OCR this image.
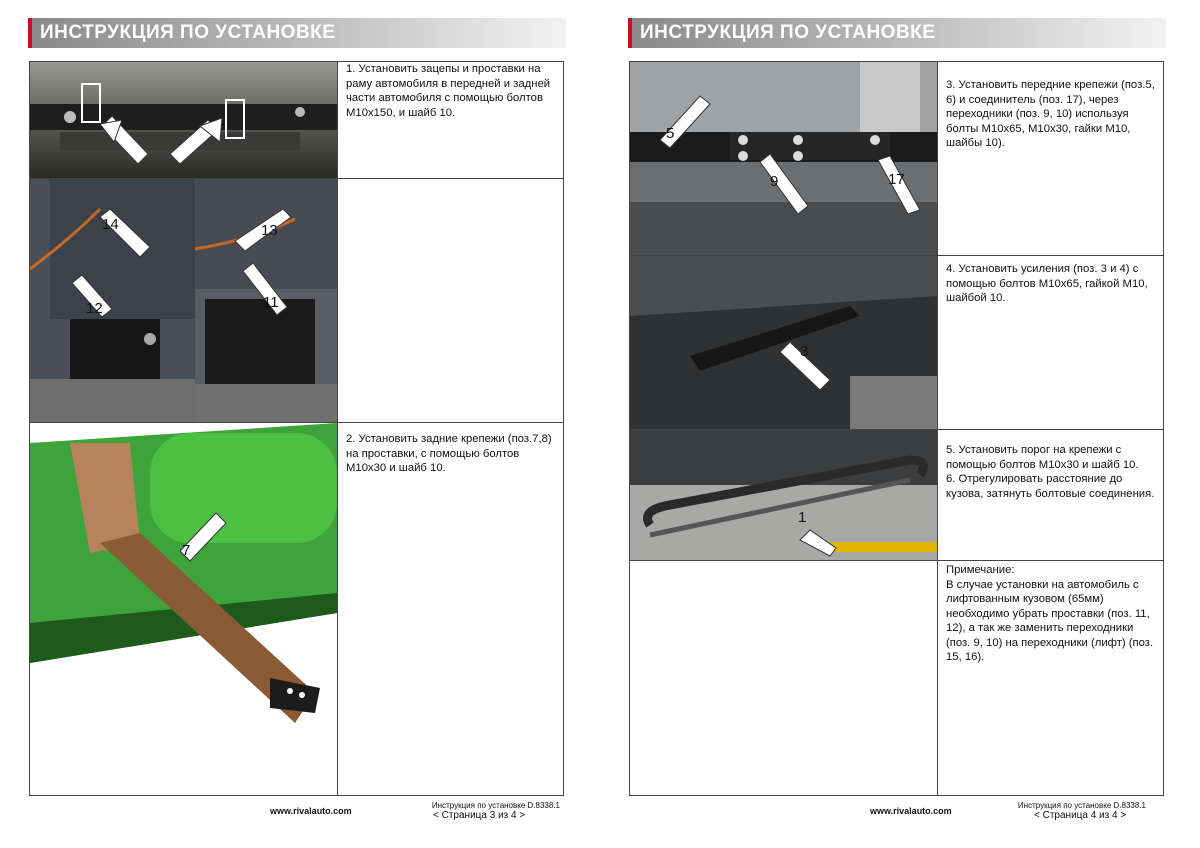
ИНСТРУКЦИЯ ПО УСТАНОВКЕ
14
12
13
11
7
1. Установить зацепы и проставки на раму автомобиля в передней и задней части автомобиля с помощью болтов М10х150, и шайб 10.
2. Установить задние крепежи (поз.7,8) на проставки, с помощью болтов М10х30 и шайб 10.
www.rivalauto.com
Инструкция по установке D.8338.1
< Страница 3 из 4 >
ИНСТРУКЦИЯ ПО УСТАНОВКЕ
5
9	17
3
1
3. Установить передние крепежи (поз.5, 6) и соединитель (поз. 17), через переходники (поз. 9, 10) используя болты М10х65, М10х30, гайки М10, шайбы 10).
4. Установить усиления (поз. 3 и 4) с помощью болтов М10х65, гайкой М10, шайбой 10.
5. Установить порог на крепежи с помощью болтов М10х30 и шайб 10.
6. Отрегулировать расстояние до кузова, затянуть болтовые соединения.
Примечание:
В случае установки на автомобиль с лифтованным кузовом (65мм) необходимо убрать проставки (поз. 11, 12), а так же заменить переходники (поз. 9, 10) на переходники (лифт) (поз. 15, 16).
www.rivalauto.com
Инструкция по установке D.8338.1
< Страница 4 из 4 >
